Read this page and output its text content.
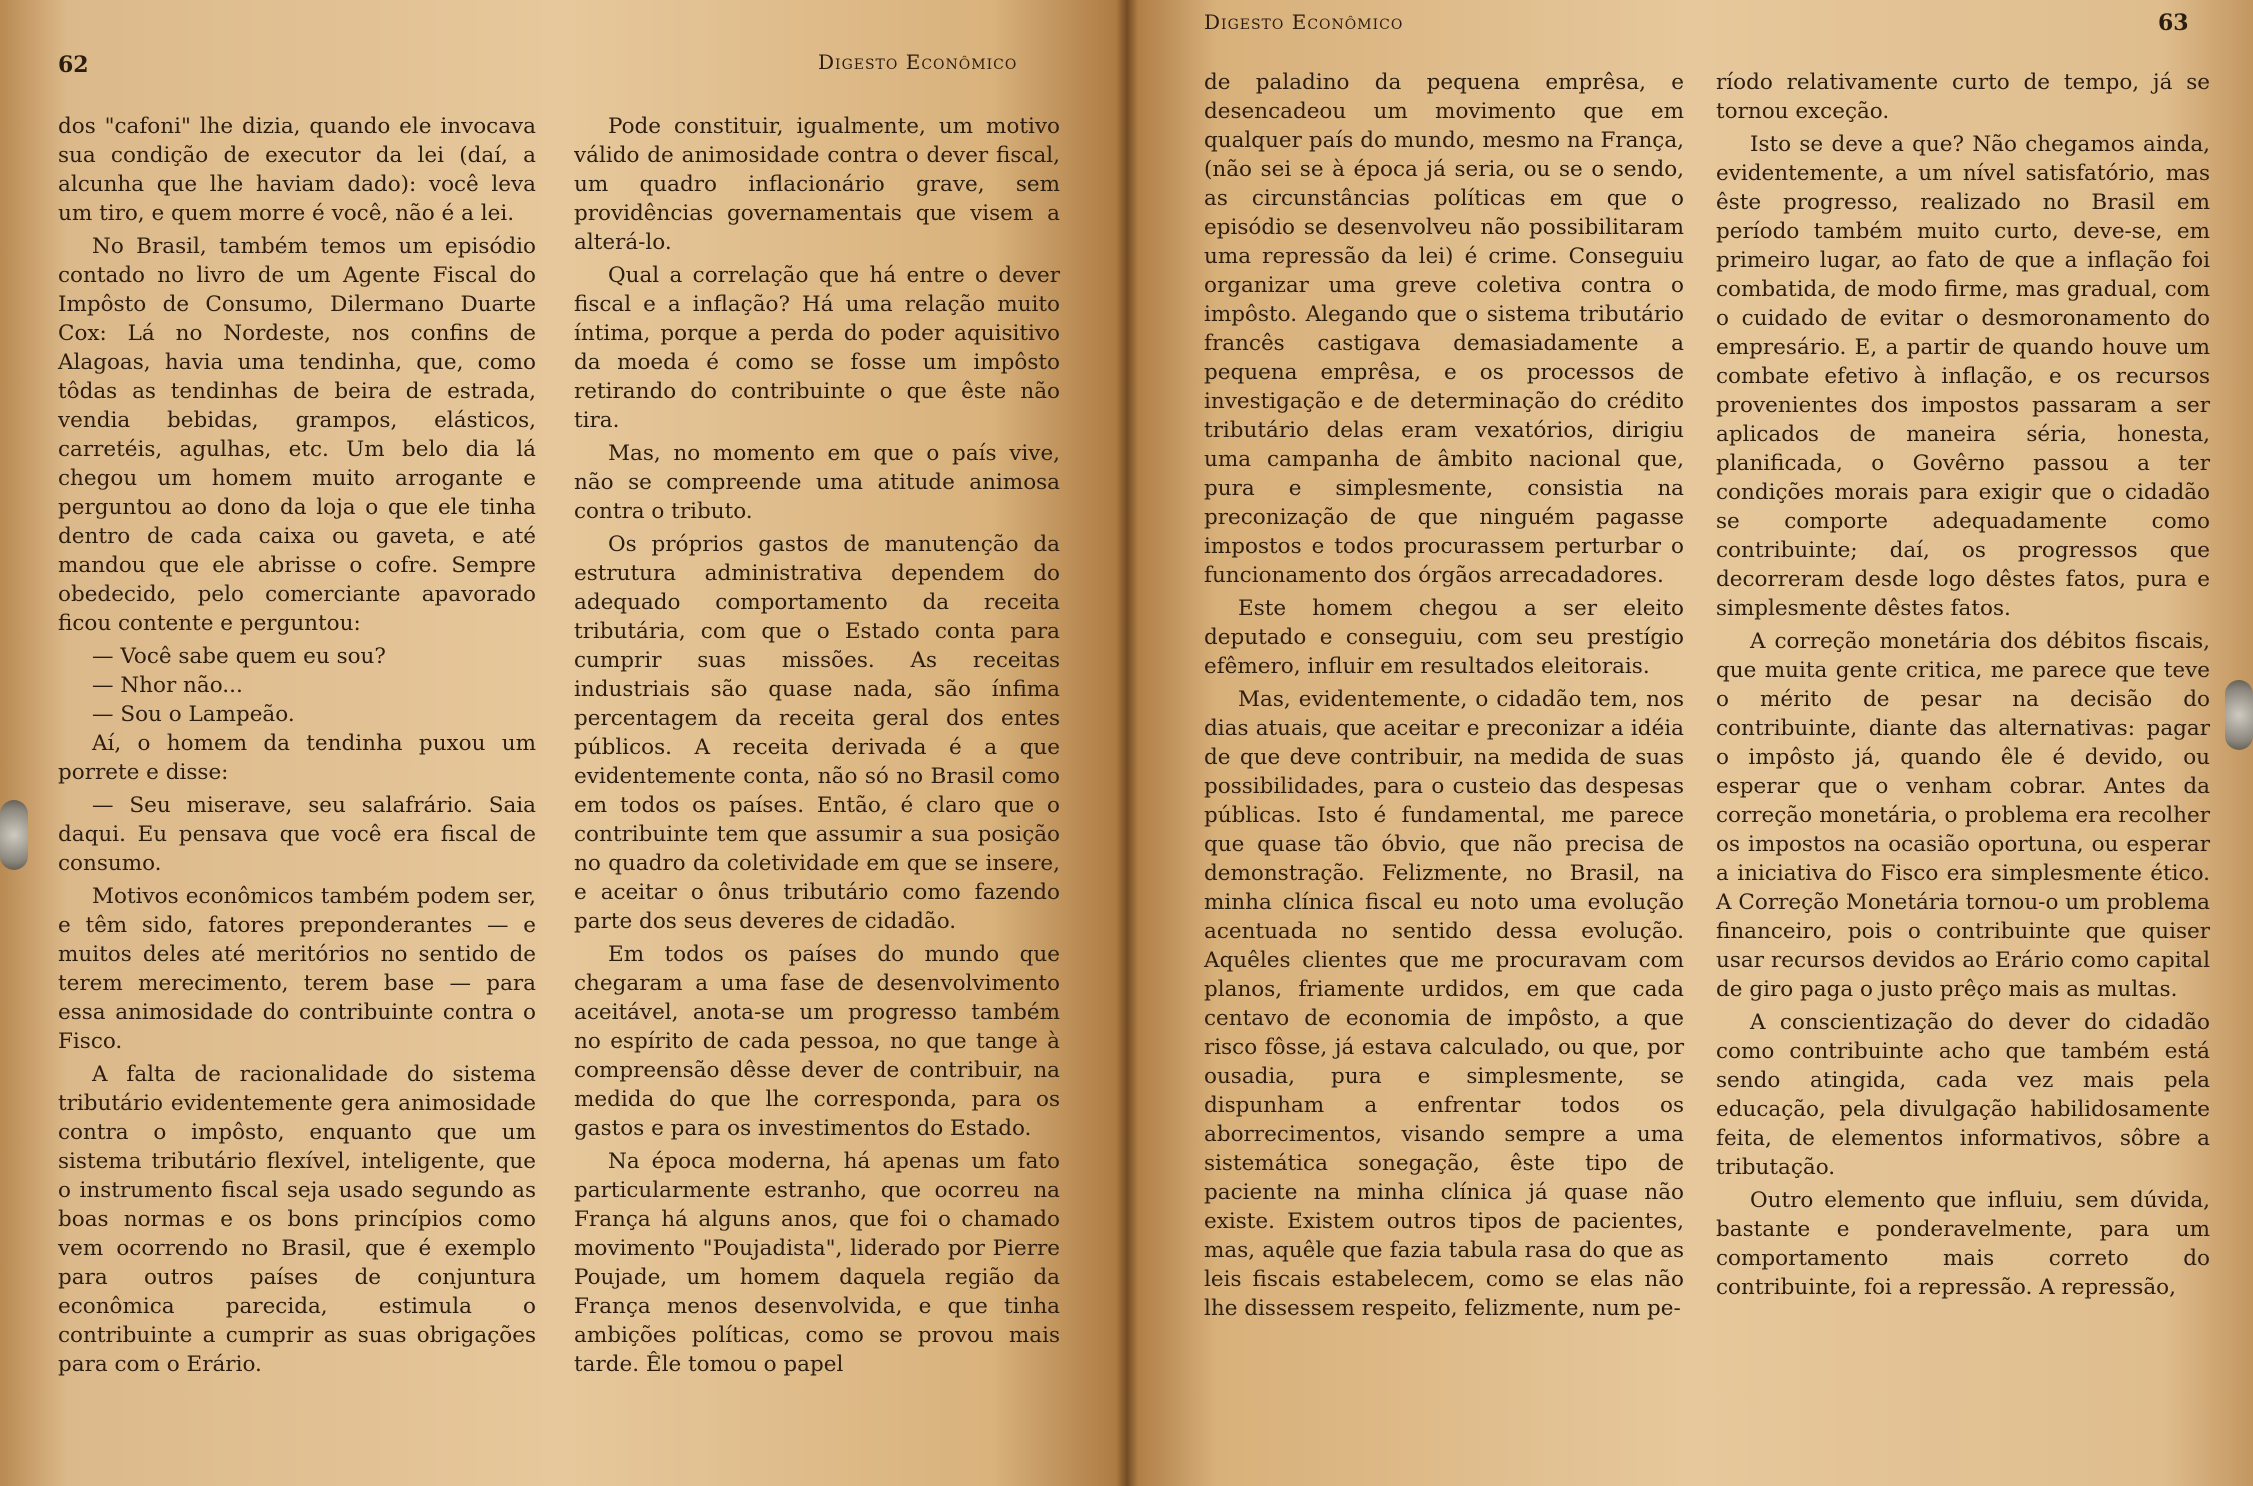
62	Digesto Econômico

dos "cafoni" lhe dizia, quando ele invocava sua condição de executor da lei (daí, a alcunha que lhe haviam dado): você leva um tiro, e quem morre é você, não é a lei.

No Brasil, também temos um episódio contado no livro de um Agente Fiscal do Impôsto de Consumo, Dilermano Duarte Cox: Lá no Nordeste, nos confins de Alagoas, havia uma tendinha, que, como tôdas as tendinhas de beira de estrada, vendia bebidas, grampos, elásticos, carretéis, agulhas, etc. Um belo dia lá chegou um homem muito arrogante e perguntou ao dono da loja o que ele tinha dentro de cada caixa ou gaveta, e até mandou que ele abrisse o cofre. Sempre obedecido, pelo comerciante apavorado ficou contente e perguntou:

— Você sabe quem eu sou?

— Nhor não...

— Sou o Lampeão.

Aí, o homem da tendinha puxou um porrete e disse:

— Seu miserave, seu salafrário. Saia daqui. Eu pensava que você era fiscal de consumo.

Motivos econômicos também podem ser, e têm sido, fatores preponderantes — e muitos deles até meritórios no sentido de terem merecimento, terem base — para essa animosidade do contribuinte contra o Fisco.

A falta de racionalidade do sistema tributário evidentemente gera animosidade contra o impôsto, enquanto que um sistema tributário flexível, inteligente, que o instrumento fiscal seja usado segundo as boas normas e os bons princípios como vem ocorrendo no Brasil, que é exemplo para outros países de conjuntura econômica parecida, estimula o contribuinte a cumprir as suas obrigações para com o Erário.

Pode constituir, igualmente, um motivo válido de animosidade contra o dever fiscal, um quadro inflacionário grave, sem providências governamentais que visem a alterá-lo.

Qual a correlação que há entre o dever fiscal e a inflação? Há uma relação muito íntima, porque a perda do poder aquisitivo da moeda é como se fosse um impôsto retirando do contribuinte o que êste não tira.

Mas, no momento em que o país vive, não se compreende uma atitude animosa contra o tributo.

Os próprios gastos de manutenção da estrutura administrativa dependem do adequado comportamento da receita tributária, com que o Estado conta para cumprir suas missões. As receitas industriais são quase nada, são ínfima percentagem da receita geral dos entes públicos. A receita derivada é a que evidentemente conta, não só no Brasil como em todos os países. Então, é claro que o contribuinte tem que assumir a sua posição no quadro da coletividade em que se insere, e aceitar o ônus tributário como fazendo parte dos seus deveres de cidadão.

Em todos os países do mundo que chegaram a uma fase de desenvolvimento aceitável, anota-se um progresso também no espírito de cada pessoa, no que tange à compreensão dêsse dever de contribuir, na medida do que lhe corresponda, para os gastos e para os investimentos do Estado.

Na época moderna, há apenas um fato particularmente estranho, que ocorreu na França há alguns anos, que foi o chamado movimento "Poujadista", liderado por Pierre Poujade, um homem daquela região da França menos desenvolvida, e que tinha ambições políticas, como se provou mais tarde. Êle tomou o papel

Digesto Econômico	63

de paladino da pequena emprêsa, e desencadeou um movimento que em qualquer país do mundo, mesmo na França, (não sei se à época já seria, ou se o sendo, as circunstâncias políticas em que o episódio se desenvolveu não possibilitaram uma repressão da lei) é crime. Conseguiu organizar uma greve coletiva contra o impôsto. Alegando que o sistema tributário francês castigava demasiadamente a pequena emprêsa, e os processos de investigação e de determinação do crédito tributário delas eram vexatórios, dirigiu uma campanha de âmbito nacional que, pura e simplesmente, consistia na preconização de que ninguém pagasse impostos e todos procurassem perturbar o funcionamento dos órgãos arrecadadores.

Este homem chegou a ser eleito deputado e conseguiu, com seu prestígio efêmero, influir em resultados eleitorais.

Mas, evidentemente, o cidadão tem, nos dias atuais, que aceitar e preconizar a idéia de que deve contribuir, na medida de suas possibilidades, para o custeio das despesas públicas. Isto é fundamental, me parece que quase tão óbvio, que não precisa de demonstração. Felizmente, no Brasil, na minha clínica fiscal eu noto uma evolução acentuada no sentido dessa evolução. Aquêles clientes que me procuravam com planos, friamente urdidos, em que cada centavo de economia de impôsto, a que risco fôsse, já estava calculado, ou que, por ousadia, pura e simplesmente, se dispunham a enfrentar todos os aborrecimentos, visando sempre a uma sistemática sonegação, êste tipo de paciente na minha clínica já quase não existe. Existem outros tipos de pacientes, mas, aquêle que fazia tabula rasa do que as leis fiscais estabelecem, como se elas não lhe dissessem respeito, felizmente, num pe-

ríodo relativamente curto de tempo, já se tornou exceção.

Isto se deve a que? Não chegamos ainda, evidentemente, a um nível satisfatório, mas êste progresso, realizado no Brasil em período também muito curto, deve-se, em primeiro lugar, ao fato de que a inflação foi combatida, de modo firme, mas gradual, com o cuidado de evitar o desmoronamento do empresário. E, a partir de quando houve um combate efetivo à inflação, e os recursos provenientes dos impostos passaram a ser aplicados de maneira séria, honesta, planificada, o Govêrno passou a ter condições morais para exigir que o cidadão se comporte adequadamente como contribuinte; daí, os progressos que decorreram desde logo dêstes fatos, pura e simplesmente dêstes fatos.

A correção monetária dos débitos fiscais, que muita gente critica, me parece que teve o mérito de pesar na decisão do contribuinte, diante das alternativas: pagar o impôsto já, quando êle é devido, ou esperar que o venham cobrar. Antes da correção monetária, o problema era recolher os impostos na ocasião oportuna, ou esperar a iniciativa do Fisco era simplesmente ético. A Correção Monetária tornou-o um problema financeiro, pois o contribuinte que quiser usar recursos devidos ao Erário como capital de giro paga o justo prêço mais as multas.

A conscientização do dever do cidadão como contribuinte acho que também está sendo atingida, cada vez mais pela educação, pela divulgação habilidosamente feita, de elementos informativos, sôbre a tributação.

Outro elemento que influiu, sem dúvida, bastante e ponderavelmente, para um comportamento mais correto do contribuinte, foi a repressão. A repressão,
